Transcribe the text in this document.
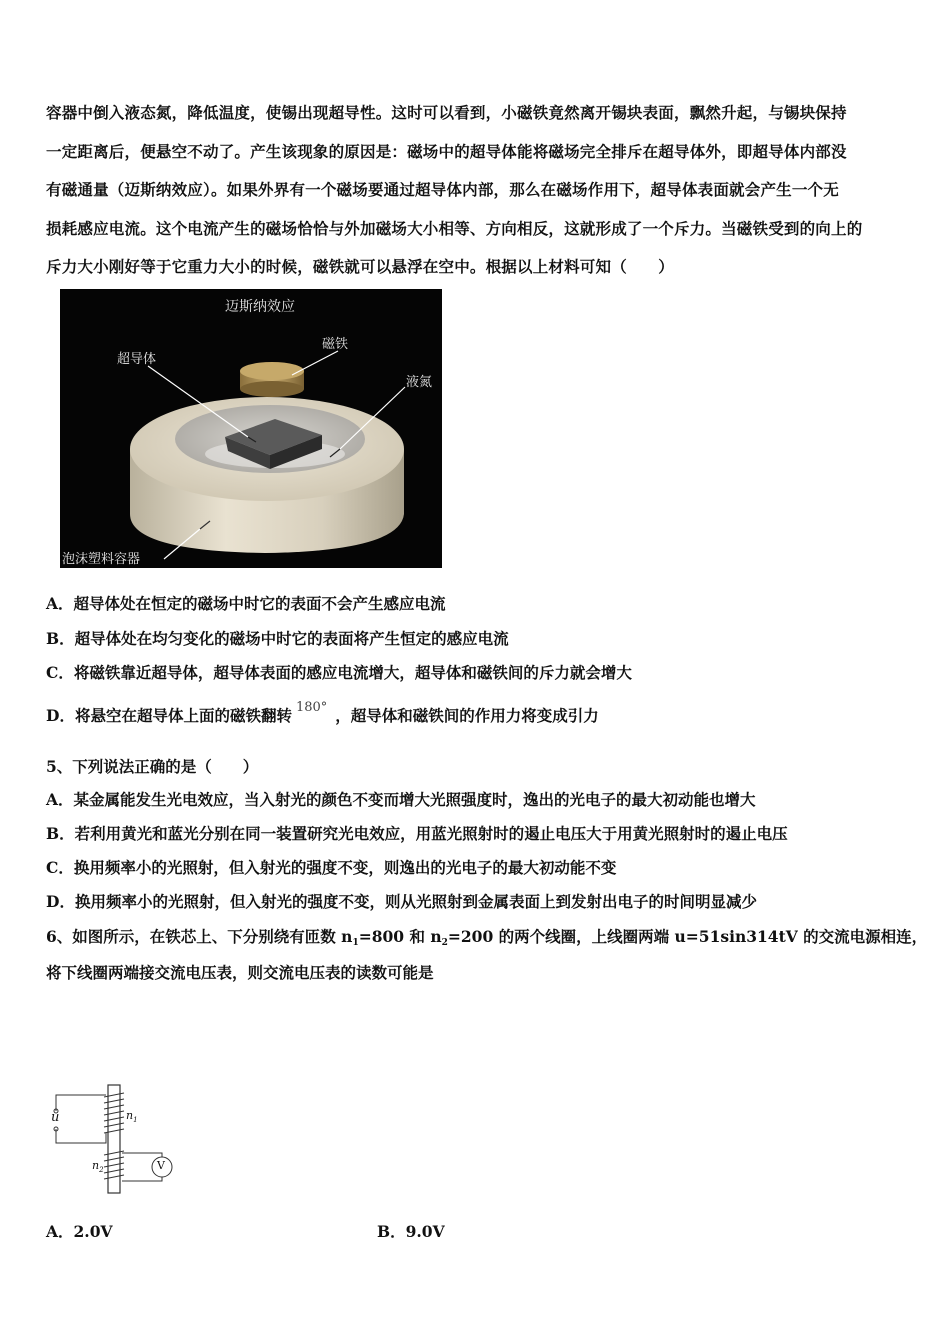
容器中倒入液态氮，降低温度，使锡出现超导性。这时可以看到，小磁铁竟然离开锡块表面，飘然升起，与锡块保持
一定距离后，便悬空不动了。产生该现象的原因是：磁场中的超导体能将磁场完全排斥在超导体外，即超导体内部没
有磁通量（迈斯纳效应）。如果外界有一个磁场要通过超导体内部，那么在磁场作用下，超导体表面就会产生一个无
损耗感应电流。这个电流产生的磁场恰恰与外加磁场大小相等、方向相反，这就形成了一个斥力。当磁铁受到的向上的
斥力大小刚好等于它重力大小的时候，磁铁就可以悬浮在空中。根据以上材料可知（　　）
迈斯纳效应
超导体
磁铁
液氮
泡沫塑料容器
A．超导体处在恒定的磁场中时它的表面不会产生感应电流
B．超导体处在均匀变化的磁场中时它的表面将产生恒定的感应电流
C．将磁铁靠近超导体，超导体表面的感应电流增大，超导体和磁铁间的斥力就会增大
D．将悬空在超导体上面的磁铁翻转 180° ，超导体和磁铁间的作用力将变成引力
5、下列说法正确的是（　　）
A．某金属能发生光电效应，当入射光的颜色不变而增大光照强度时，逸出的光电子的最大初动能也增大
B．若利用黄光和蓝光分别在同一装置研究光电效应，用蓝光照射时的遏止电压大于用黄光照射时的遏止电压
C．换用频率小的光照射，但入射光的强度不变，则逸出的光电子的最大初动能不变
D．换用频率小的光照射，但入射光的强度不变，则从光照射到金属表面上到发射出电子的时间明显减少
6、如图所示，在铁芯上、下分别绕有匝数 $n_1=800$ 和 $n_2=200$ 的两个线圈，上线圈两端 u=51sin314tV 的交流电源相连，
将下线圈两端接交流电压表，则交流电压表的读数可能是
u	$n_1$
$n_2$	V
A．2.0V	B．9.0V
